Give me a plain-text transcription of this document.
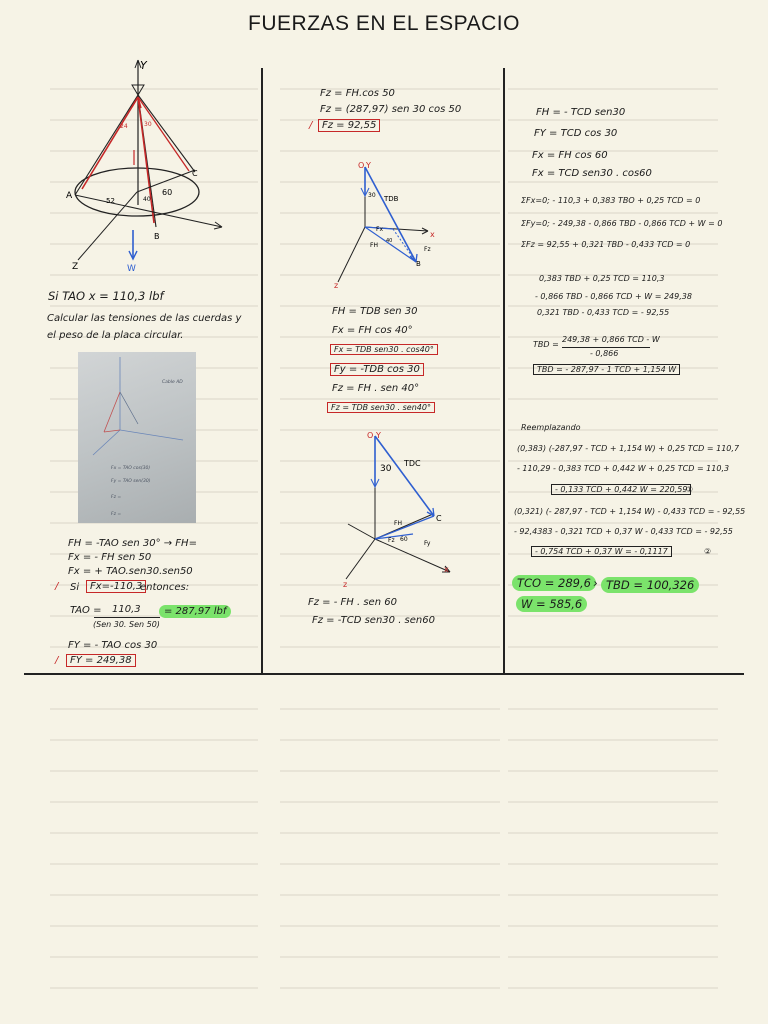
FUERZAS EN EL ESPACIO
Y
24	30
A
B
C
60
52	40
Z	W
Si TAO x = 110,3 lbf
Calcular las tensiones de las cuerdas y
el peso de la placa circular.
Cable AD
Fx = TAO cos(30)
Fy = TAO sen(30)
Fz =
Fz =
FH = -TAO sen 30° → FH=
Fx = - FH sen 50
Fx = + TAO.sen30.sen50
/ Si	Fx=-110,3
entonces:
TAO = 110,3
(Sen 30. Sen 50)
= 287,97 lbf
FY = - TAO cos 30
/	FY = 249,38
Fz = FH.cos 50
Fz = (287,97) sen 30 cos 50
/ Fz = 92,55
O Y
TDB
30
Fx
FH
40
Fz
x
B
z
FH = TDB sen 30
Fx = FH cos 40°
Fx = TDB sen30 . cos40°
Fy = -TDB cos 30
Fz = FH . sen 40°
Fz = TDB sen30 . sen40°
O Y
30
TDC
FH
60
Fz	Fy
C
x
z
Fz = - FH . sen 60
Fz = -TCD sen30 . sen60
FH = - TCD sen30
FY = TCD cos 30
Fx = FH cos 60
Fx = TCD sen30 . cos60
ΣFx=0; - 110,3 + 0,383 TBO + 0,25 TCD = 0
ΣFy=0; - 249,38 - 0,866 TBD - 0,866 TCD + W = 0
ΣFz = 92,55 + 0,321 TBD - 0,433 TCD = 0
0,383 TBD + 0,25 TCD = 110,3
- 0,866 TBD - 0,866 TCD + W = 249,38
0,321 TBD - 0,433 TCD = - 92,55
TBD =
249,38 + 0,866 TCD - W
- 0,866
TBD = - 287,97 - 1 TCD + 1,154 W
Reemplazando
(0,383) (-287,97 - TCD + 1,154 W) + 0,25 TCD = 110,7
- 110,29 - 0,383 TCD + 0,442 W + 0,25 TCD = 110,3
- 0,133 TCD + 0,442 W = 220,59
①
(0,321) (- 287,97 - TCD + 1,154 W) - 0,433 TCD = - 92,55
- 92,4383 - 0,321 TCD + 0,37 W - 0,433 TCD = - 92,55
- 0,754 TCD + 0,37 W = - 0,1117	②
TCO = 289,6 › TBD = 100,326
W = 585,6
